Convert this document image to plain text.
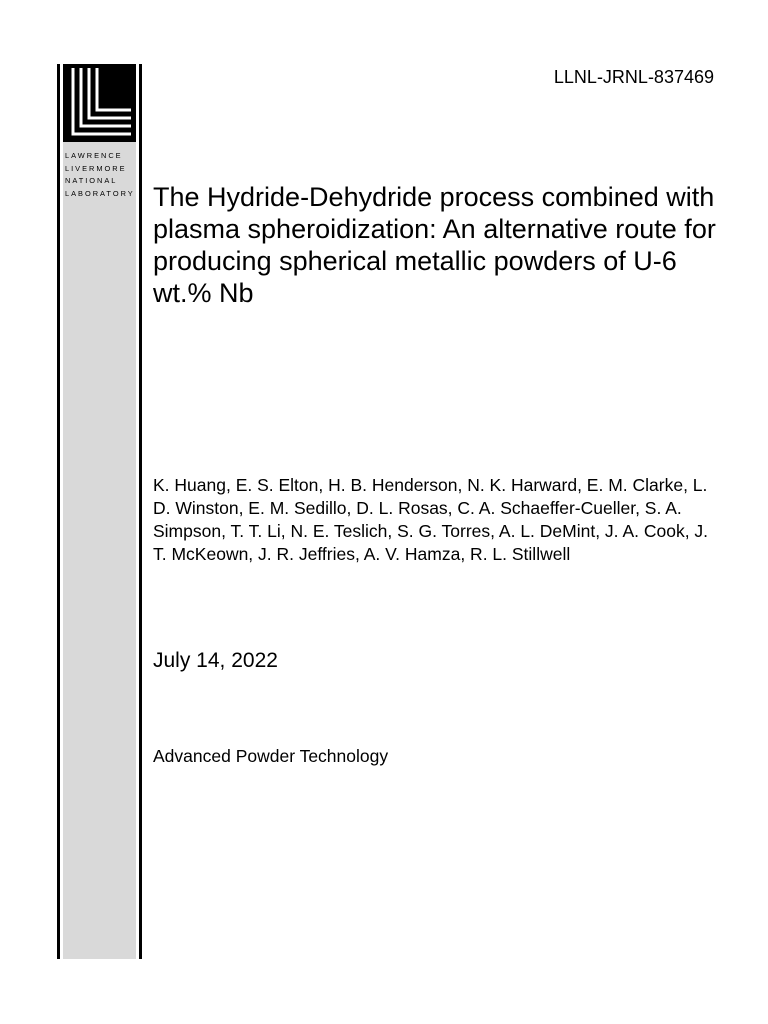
LAWRENCE
LIVERMORE
NATIONAL
LABORATORY
LLNL-JRNL-837469
The Hydride-Dehydride process combined with plasma spheroidization: An alternative route for producing spherical metallic powders of U-6 wt.% Nb

K. Huang, E. S. Elton, H. B. Henderson, N. K. Harward, E. M. Clarke, L. D. Winston, E. M. Sedillo, D. L. Rosas, C. A. Schaeffer-Cueller, S. A. Simpson, T. T. Li, N. E. Teslich, S. G. Torres, A. L. DeMint, J. A. Cook, J. T. McKeown, J. R. Jeffries, A. V. Hamza, R. L. Stillwell

July 14, 2022

Advanced Powder Technology
